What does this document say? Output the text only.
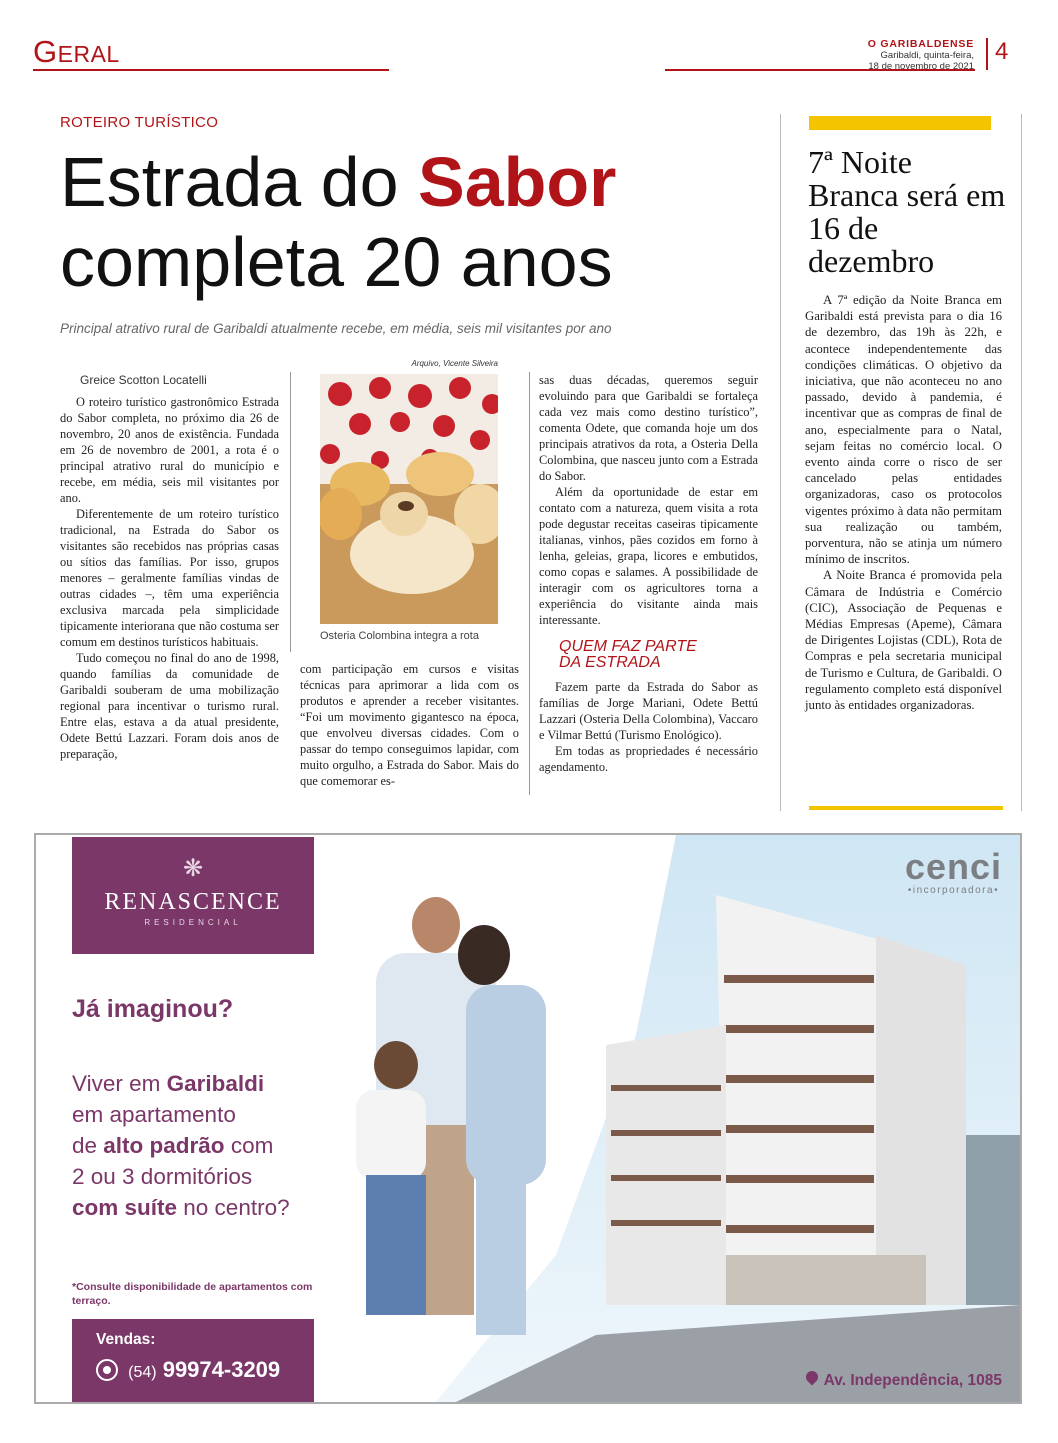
GERAL	O GARIBALDENSE
Garibaldi, quinta-feira,
18 de novembro de 2021
4
ROTEIRO TURÍSTICO
Estrada do Sabor
completa 20 anos
Principal atrativo rural de Garibaldi atualmente recebe, em média, seis mil visitantes por ano

Greice Scotton Locatelli

O roteiro turístico gastronômico Estrada do Sabor completa, no próximo dia 26 de novembro, 20 anos de existência. Fundada em 26 de novembro de 2001, a rota é o principal atrativo rural do município e recebe, em média, seis mil visitantes por ano.

Diferentemente de um roteiro turístico tradicional, na Estrada do Sabor os visitantes são recebidos nas próprias casas ou sítios das famílias. Por isso, grupos menores – geralmente famílias vindas de outras cidades –, têm uma experiência exclusiva marcada pela simplicidade tipicamente interiorana que não costuma ser comum em destinos turísticos habituais.

Tudo começou no final do ano de 1998, quando famílias da comunidade de Garibaldi souberam de uma mobilização regional para incentivar o turismo rural. Entre elas, estava a da atual presidente, Odete Bettú Lazzari. Foram dois anos de preparação,

Arquivo, Vicente Silveira
Osteria Colombina integra a rota

com participação em cursos e visitas técnicas para aprimorar a lida com os produtos e aprender a receber visitantes. “Foi um movimento gigantesco na época, que envolveu diversas cidades. Com o passar do tempo conseguimos lapidar, com muito orgulho, a Estrada do Sabor. Mais do que comemorar es-

sas duas décadas, queremos seguir evoluindo para que Garibaldi se fortaleça cada vez mais como destino turístico”, comenta Odete, que comanda hoje um dos principais atrativos da rota, a Osteria Della Colombina, que nasceu junto com a Estrada do Sabor.

Além da oportunidade de estar em contato com a natureza, quem visita a rota pode degustar receitas caseiras tipicamente italianas, vinhos, pães cozidos em forno à lenha, geleias, grapa, licores e embutidos, como copas e salames. A possibilidade de interagir com os agricultores torna a experiência do visitante ainda mais interessante.

QUEM FAZ PARTE
DA ESTRADA

Fazem parte da Estrada do Sabor as famílias de Jorge Mariani, Odete Bettú Lazzari (Osteria Della Colombina), Vaccaro e Vilmar Bettú (Turismo Enológico).

Em todas as propriedades é necessário agendamento.

7ª Noite Branca será em 16 de dezembro

A 7ª edição da Noite Branca em Garibaldi está prevista para o dia 16 de dezembro, das 19h às 22h, e acontece independentemente das condições climáticas. O objetivo da iniciativa, que não aconteceu no ano passado, devido à pandemia, é incentivar que as compras de final de ano, especialmente para o Natal, sejam feitas no comércio local. O evento ainda corre o risco de ser cancelado pelas entidades organizadoras, caso os protocolos vigentes próximo à data não permitam sua realização ou também, porventura, não se atinja um número mínimo de inscritos.

A Noite Branca é promovida pela Câmara de Indústria e Comércio (CIC), Associação de Pequenas e Médias Empresas (Apeme), Câmara de Dirigentes Lojistas (CDL), Rota de Compras e pela secretaria municipal de Turismo e Cultura, de Garibaldi. O regulamento completo está disponível junto às entidades organizadoras.

❋
RENASCENCE
RESIDENCIAL
Já imaginou?
Viver em Garibaldi
em apartamento
de alto padrão com
2 ou 3 dormitórios
com suíte no centro?
*Consulte disponibilidade de apartamentos com terraço.
Vendas:
(54) 99974-3209
cenci
•incorporadora•
Av. Independência, 1085
